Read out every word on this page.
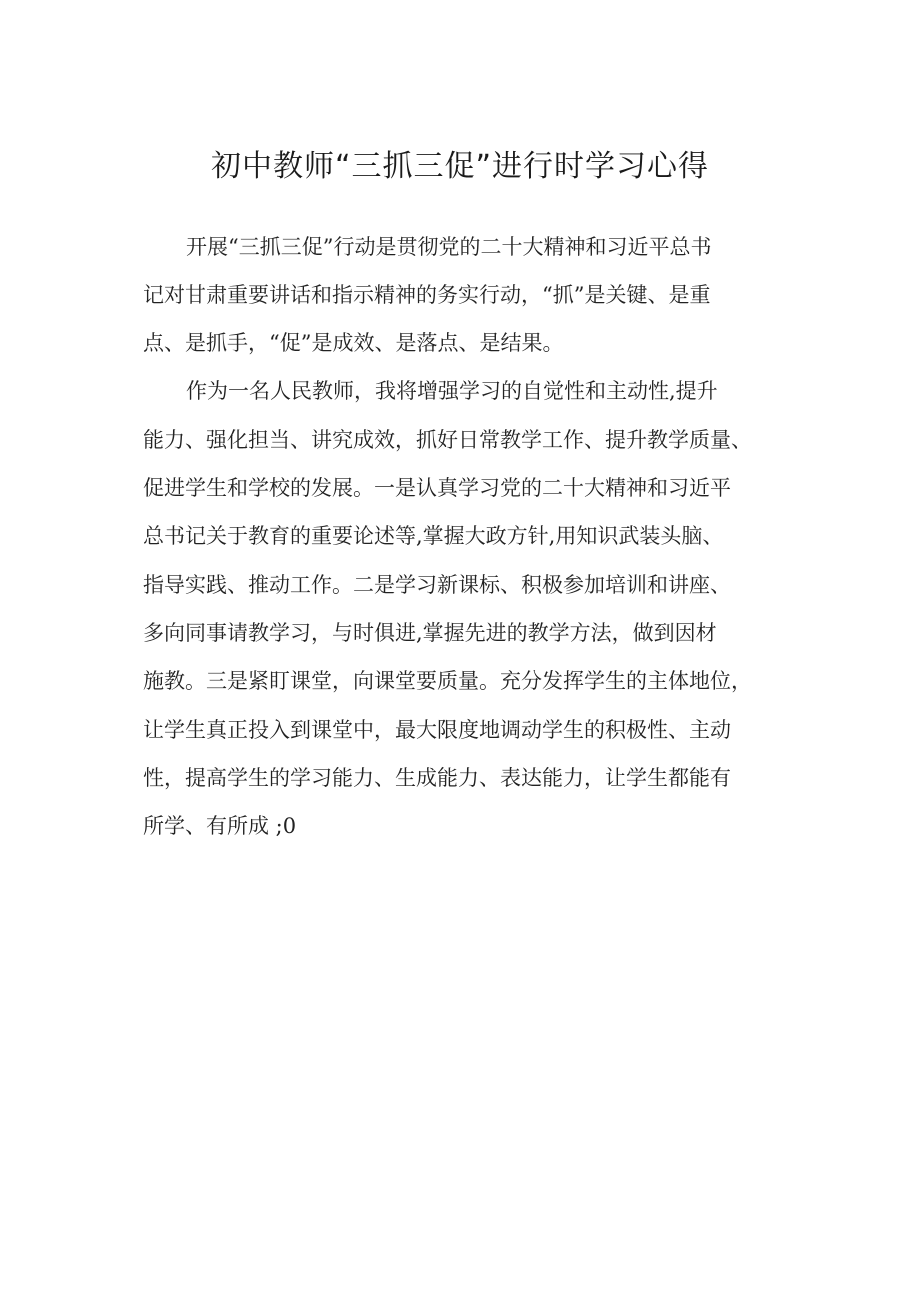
初中教师“三抓三促”进行时学习心得
开展“三抓三促”行动是贯彻党的二十大精神和习近平总书
记对甘肃重要讲话和指示精神的务实行动，“抓”是关键、是重
点、是抓手，“促”是成效、是落点、是结果。
作为一名人民教师，我将增强学习的自觉性和主动性,提升
能力、强化担当、讲究成效，抓好日常教学工作、提升教学质量、
促进学生和学校的发展。一是认真学习党的二十大精神和习近平
总书记关于教育的重要论述等,掌握大政方针,用知识武装头脑、
指导实践、推动工作。二是学习新课标、积极参加培训和讲座、
多向同事请教学习，与时俱进,掌握先进的教学方法，做到因材
施教。三是紧盯课堂，向课堂要质量。充分发挥学生的主体地位，
让学生真正投入到课堂中，最大限度地调动学生的积极性、主动
性，提高学生的学习能力、生成能力、表达能力，让学生都能有
所学、有所成 ;0
